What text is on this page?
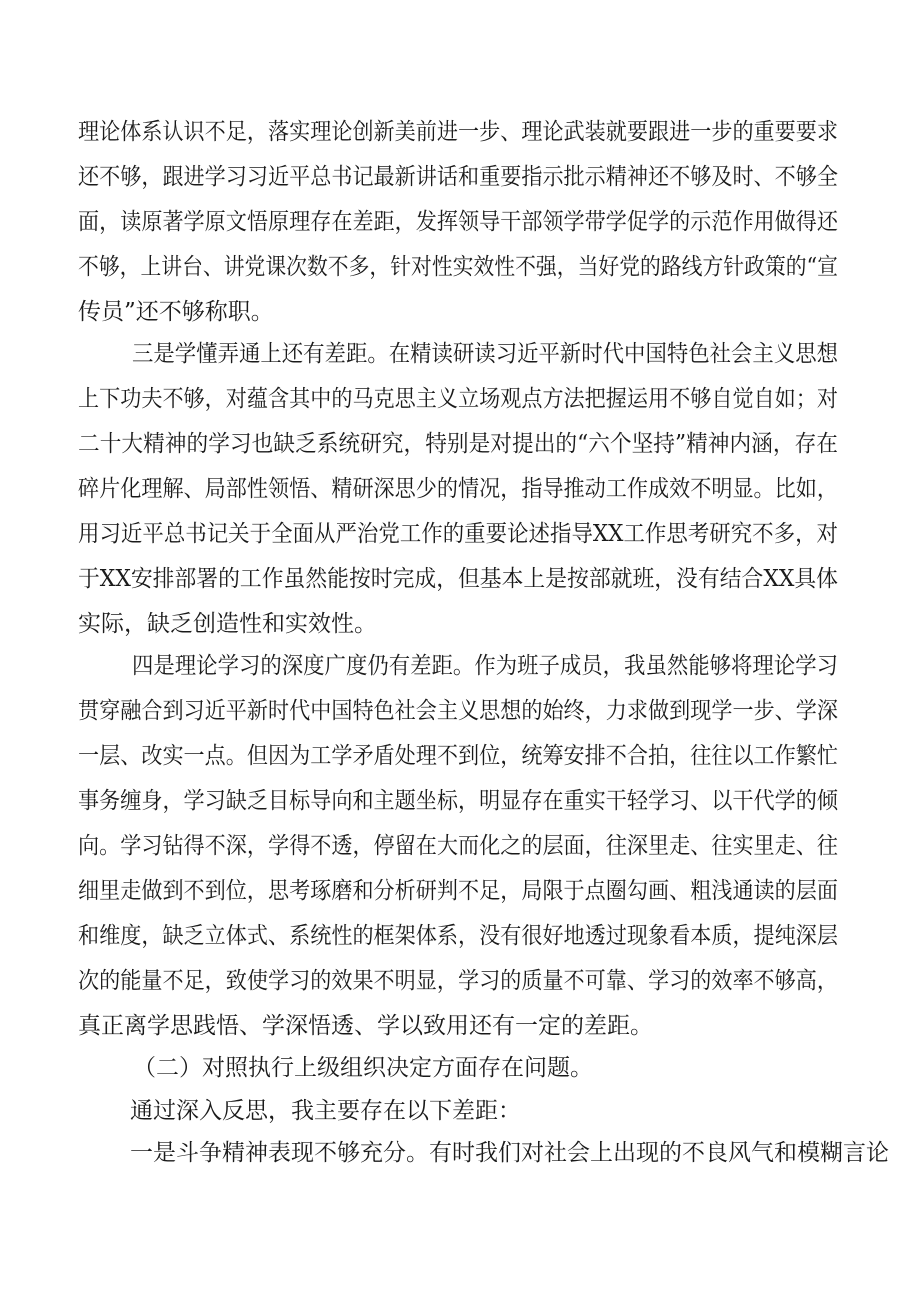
理论体系认识不足，落实理论创新美前进一步、理论武装就要跟进一步的重要要求
还不够，跟进学习习近平总书记最新讲话和重要指示批示精神还不够及时、不够全
面，读原著学原文悟原理存在差距，发挥领导干部领学带学促学的示范作用做得还
不够，上讲台、讲党课次数不多，针对性实效性不强，当好党的路线方针政策的“宣
传员”还不够称职。
三是学懂弄通上还有差距。在精读研读习近平新时代中国特色社会主义思想
上下功夫不够，对蕴含其中的马克思主义立场观点方法把握运用不够自觉自如；对
二十大精神的学习也缺乏系统研究，特别是对提出的“六个坚持”精神内涵，存在
碎片化理解、局部性领悟、精研深思少的情况，指导推动工作成效不明显。比如，
用习近平总书记关于全面从严治党工作的重要论述指导XX工作思考研究不多，对
于XX安排部署的工作虽然能按时完成，但基本上是按部就班，没有结合XX具体
实际，缺乏创造性和实效性。
四是理论学习的深度广度仍有差距。作为班子成员，我虽然能够将理论学习
贯穿融合到习近平新时代中国特色社会主义思想的始终，力求做到现学一步、学深
一层、改实一点。但因为工学矛盾处理不到位，统筹安排不合拍，往往以工作繁忙
事务缠身，学习缺乏目标导向和主题坐标，明显存在重实干轻学习、以干代学的倾
向。学习钻得不深，学得不透，停留在大而化之的层面，往深里走、往实里走、往
细里走做到不到位，思考琢磨和分析研判不足，局限于点圈勾画、粗浅通读的层面
和维度，缺乏立体式、系统性的框架体系，没有很好地透过现象看本质，提纯深层
次的能量不足，致使学习的效果不明显，学习的质量不可靠、学习的效率不够高，
真正离学思践悟、学深悟透、学以致用还有一定的差距。
（二）对照执行上级组织决定方面存在问题。
通过深入反思，我主要存在以下差距：
一是斗争精神表现不够充分。有时我们对社会上出现的不良风气和模糊言论
